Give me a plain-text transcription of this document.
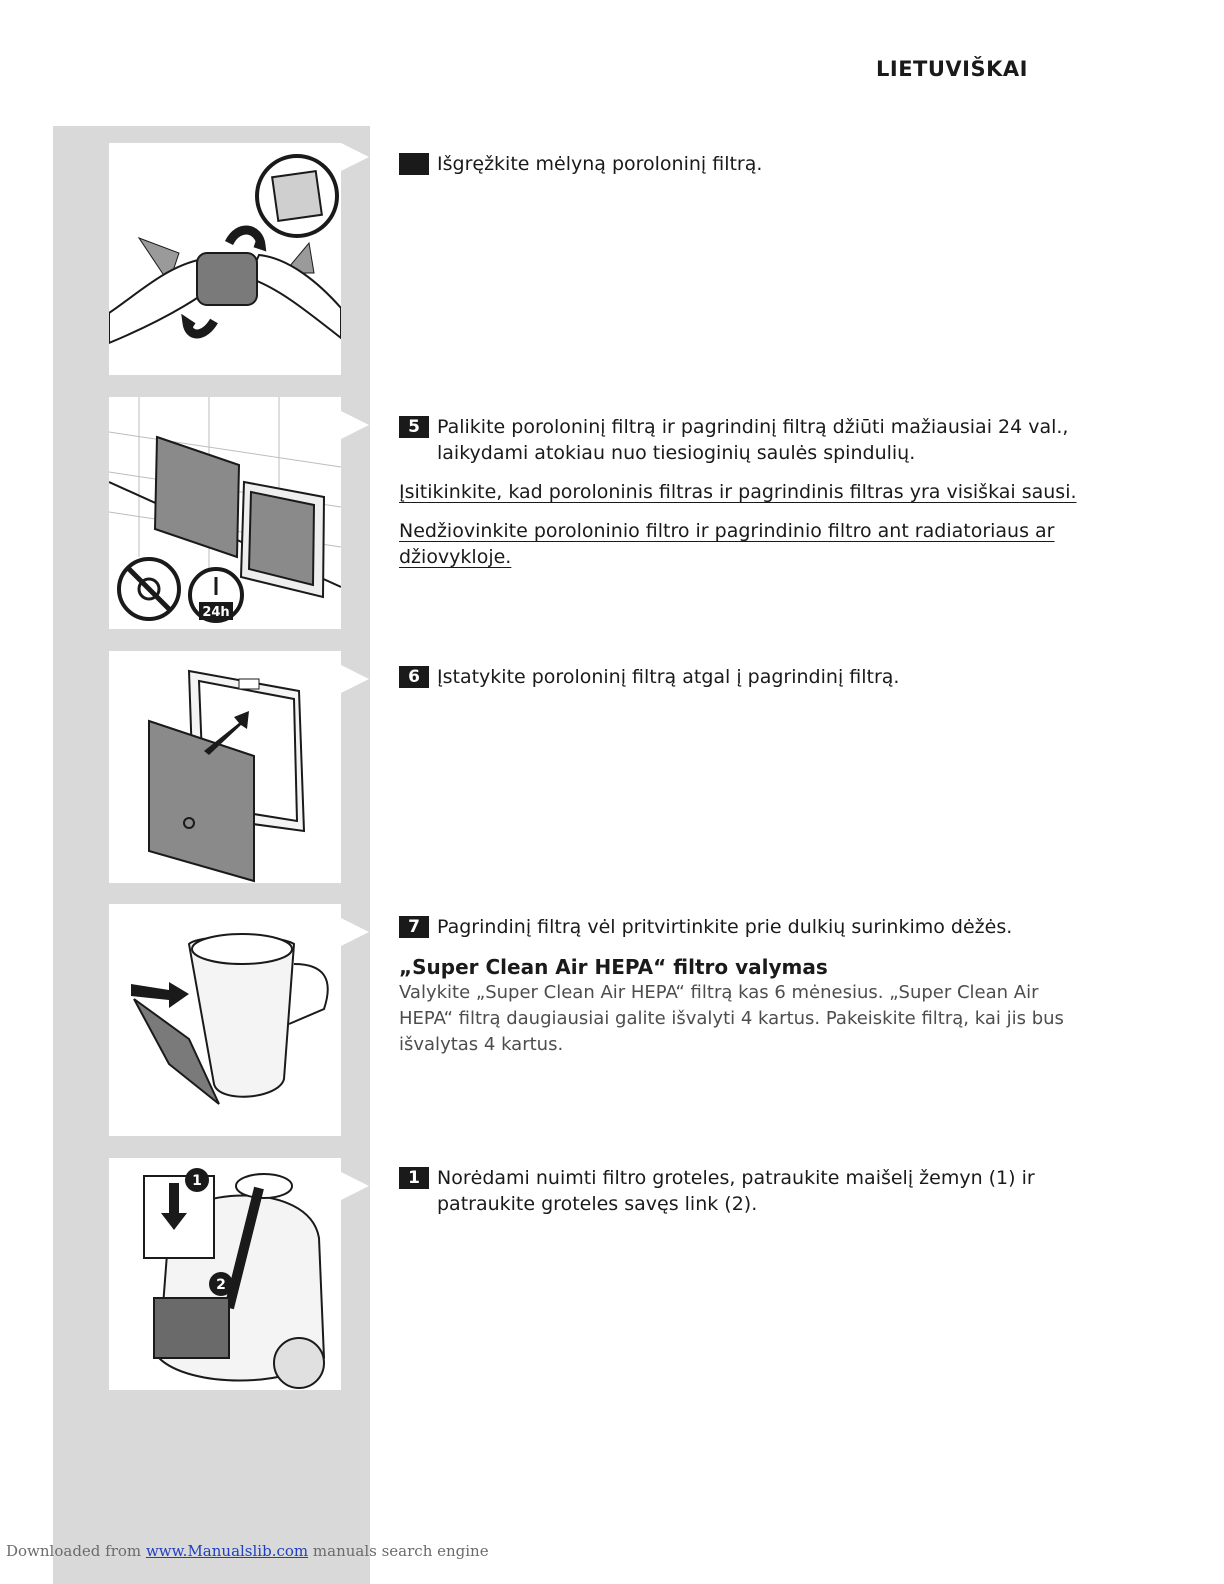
LIETUVIŠKAI
24h
1
2
Išgręžkite mėlyną poroloninį filtrą.
5 Palikite poroloninį filtrą ir pagrindinį filtrą džiūti mažiausiai 24 val., laikydami atokiau nuo tiesioginių saulės spindulių.
Įsitikinkite, kad poroloninis filtras ir pagrindinis filtras yra visiškai sausi.
Nedžiovinkite poroloninio filtro ir pagrindinio filtro ant radiatoriaus ar džiovykloje.
6 Įstatykite poroloninį filtrą atgal į pagrindinį filtrą.
7 Pagrindinį filtrą vėl pritvirtinkite prie dulkių surinkimo dėžės.
„Super Clean Air HEPA“ filtro valymas
Valykite „Super Clean Air HEPA“ filtrą kas 6 mėnesius. „Super Clean Air HEPA“ filtrą daugiausiai galite išvalyti 4 kartus. Pakeiskite filtrą, kai jis bus išvalytas 4 kartus.
1 Norėdami nuimti filtro groteles, patraukite maišelį žemyn (1) ir patraukite groteles savęs link (2).
Downloaded from www.Manualslib.com manuals search engine
